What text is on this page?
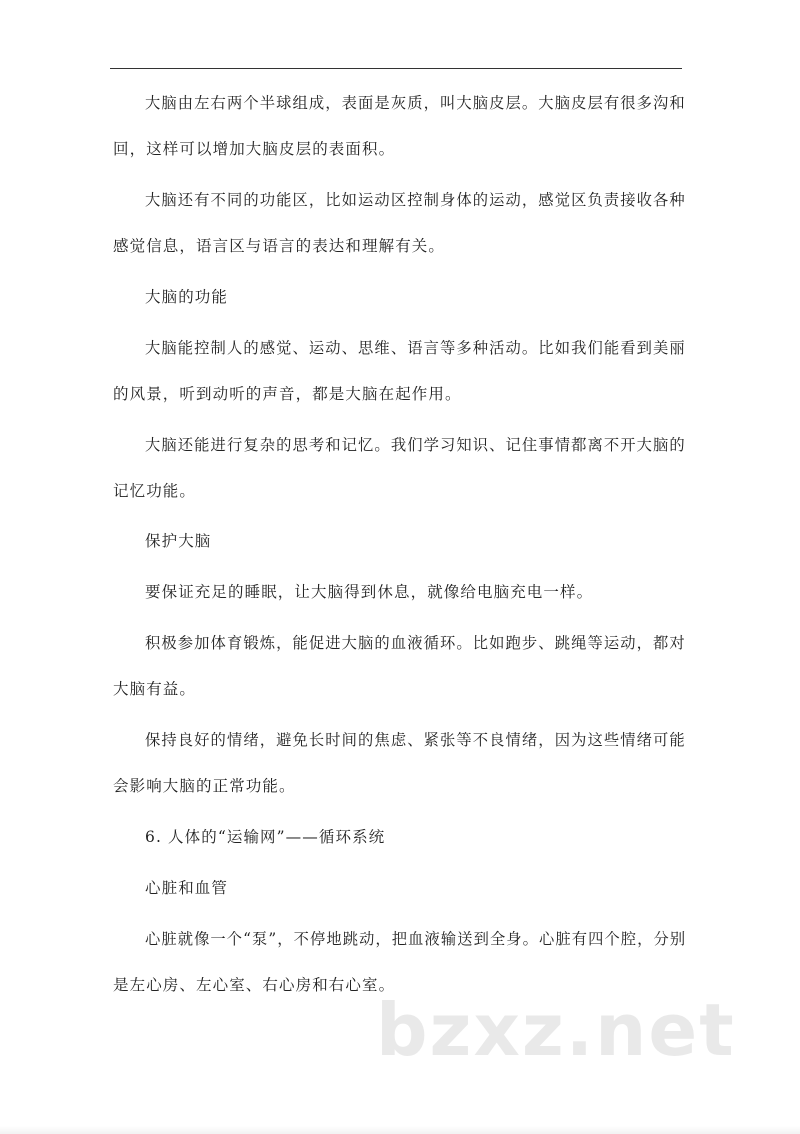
大脑由左右两个半球组成，表面是灰质，叫大脑皮层。大脑皮层有很多沟和
回，这样可以增加大脑皮层的表面积。
大脑还有不同的功能区，比如运动区控制身体的运动，感觉区负责接收各种
感觉信息，语言区与语言的表达和理解有关。
大脑的功能
大脑能控制人的感觉、运动、思维、语言等多种活动。比如我们能看到美丽
的风景，听到动听的声音，都是大脑在起作用。
大脑还能进行复杂的思考和记忆。我们学习知识、记住事情都离不开大脑的
记忆功能。
保护大脑
要保证充足的睡眠，让大脑得到休息，就像给电脑充电一样。
积极参加体育锻炼，能促进大脑的血液循环。比如跑步、跳绳等运动，都对
大脑有益。
保持良好的情绪，避免长时间的焦虑、紧张等不良情绪，因为这些情绪可能
会影响大脑的正常功能。
6. 人体的“运输网”——循环系统
心脏和血管
心脏就像一个“泵”，不停地跳动，把血液输送到全身。心脏有四个腔，分别
是左心房、左心室、右心房和右心室。
bzxz.net
